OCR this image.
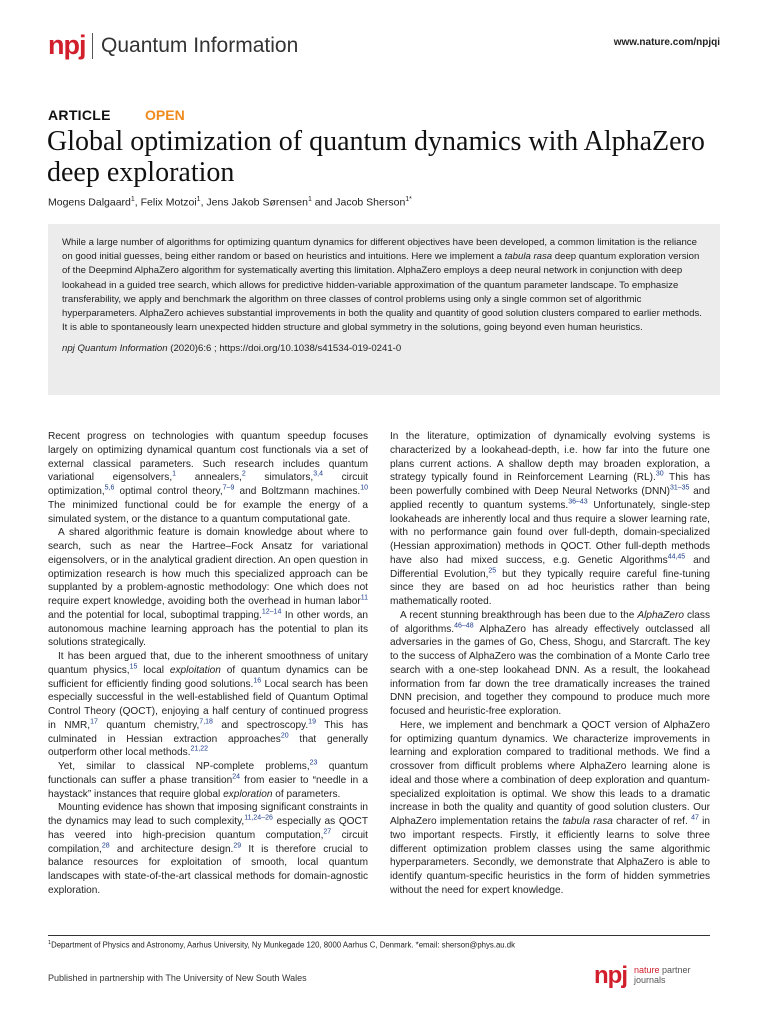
npj Quantum Information	www.nature.com/npjqi
ARTICLE OPEN
Global optimization of quantum dynamics with AlphaZero deep exploration
Mogens Dalgaard$^1$, Felix Motzoi$^1$, Jens Jakob Sørensen$^1$ and Jacob Sherson$^{1*}$
While a large number of algorithms for optimizing quantum dynamics for different objectives have been developed, a common limitation is the reliance on good initial guesses, being either random or based on heuristics and intuitions. Here we implement a tabula rasa deep quantum exploration version of the Deepmind AlphaZero algorithm for systematically averting this limitation. AlphaZero employs a deep neural network in conjunction with deep lookahead in a guided tree search, which allows for predictive hidden-variable approximation of the quantum parameter landscape. To emphasize transferability, we apply and benchmark the algorithm on three classes of control problems using only a single common set of algorithmic hyperparameters. AlphaZero achieves substantial improvements in both the quality and quantity of good solution clusters compared to earlier methods. It is able to spontaneously learn unexpected hidden structure and global symmetry in the solutions, going beyond even human heuristics.
npj Quantum Information (2020)6:6 ; https://doi.org/10.1038/s41534-019-0241-0

Recent progress on technologies with quantum speedup focuses largely on optimizing dynamical quantum cost functionals via a set of external classical parameters. Such research includes quantum variational eigensolvers,$^1$ annealers,$^2$ simulators,$^{3,4}$ circuit optimization,$^{5,6}$ optimal control theory,$^{7-9}$ and Boltzmann machines.$^{10}$ The minimized functional could be for example the energy of a simulated system, or the distance to a quantum computational gate.

A shared algorithmic feature is domain knowledge about where to search, such as near the Hartree–Fock Ansatz for variational eigensolvers, or in the analytical gradient direction. An open question in optimization research is how much this specialized approach can be supplanted by a problem-agnostic methodology: One which does not require expert knowledge, avoiding both the overhead in human labor$^{11}$ and the potential for local, suboptimal trapping.$^{12-14}$ In other words, an autonomous machine learning approach has the potential to plan its solutions strategically.

It has been argued that, due to the inherent smoothness of unitary quantum physics,$^{15}$ local exploitation of quantum dynamics can be sufficient for efficiently finding good solutions.$^{16}$ Local search has been especially successful in the well-established field of Quantum Optimal Control Theory (QOCT), enjoying a half century of continued progress in NMR,$^{17}$ quantum chemistry,$^{7,18}$ and spectroscopy.$^{19}$ This has culminated in Hessian extraction approaches$^{20}$ that generally outperform other local methods.$^{21,22}$

Yet, similar to classical NP-complete problems,$^{23}$ quantum functionals can suffer a phase transition$^{24}$ from easier to “needle in a haystack” instances that require global exploration of parameters.

Mounting evidence has shown that imposing significant constraints in the dynamics may lead to such complexity,$^{11,24-26}$ especially as QOCT has veered into high-precision quantum computation,$^{27}$ circuit compilation,$^{28}$ and architecture design.$^{29}$ It is therefore crucial to balance resources for exploitation of smooth, local quantum landscapes with state-of-the-art classical methods for domain-agnostic exploration.

In the literature, optimization of dynamically evolving systems is characterized by a lookahead-depth, i.e. how far into the future one plans current actions. A shallow depth may broaden exploration, a strategy typically found in Reinforcement Learning (RL).$^{30}$ This has been powerfully combined with Deep Neural Networks (DNN)$^{31-35}$ and applied recently to quantum systems.$^{36-43}$ Unfortunately, single-step lookaheads are inherently local and thus require a slower learning rate, with no performance gain found over full-depth, domain-specialized (Hessian approximation) methods in QOCT. Other full-depth methods have also had mixed success, e.g. Genetic Algorithms$^{44,45}$ and Differential Evolution,$^{25}$ but they typically require careful fine-tuning since they are based on ad hoc heuristics rather than being mathematically rooted.

A recent stunning breakthrough has been due to the AlphaZero class of algorithms.$^{46-48}$ AlphaZero has already effectively outclassed all adversaries in the games of Go, Chess, Shogu, and Starcraft. The key to the success of AlphaZero was the combination of a Monte Carlo tree search with a one-step lookahead DNN. As a result, the lookahead information from far down the tree dramatically increases the trained DNN precision, and together they compound to produce much more focused and heuristic-free exploration.

Here, we implement and benchmark a QOCT version of AlphaZero for optimizing quantum dynamics. We characterize improvements in learning and exploration compared to traditional methods. We find a crossover from difficult problems where AlphaZero learning alone is ideal and those where a combination of deep exploration and quantum-specialized exploitation is optimal. We show this leads to a dramatic increase in both the quality and quantity of good solution clusters. Our AlphaZero implementation retains the tabula rasa character of ref. $^{47}$ in two important respects. Firstly, it efficiently learns to solve three different optimization problem classes using the same algorithmic hyperparameters. Secondly, we demonstrate that AlphaZero is able to identify quantum-specific heuristics in the form of hidden symmetries without the need for expert knowledge.

$^1$Department of Physics and Astronomy, Aarhus University, Ny Munkegade 120, 8000 Aarhus C, Denmark. *email: sherson@phys.au.dk
Published in partnership with The University of New South Wales	npj nature partner
journals
